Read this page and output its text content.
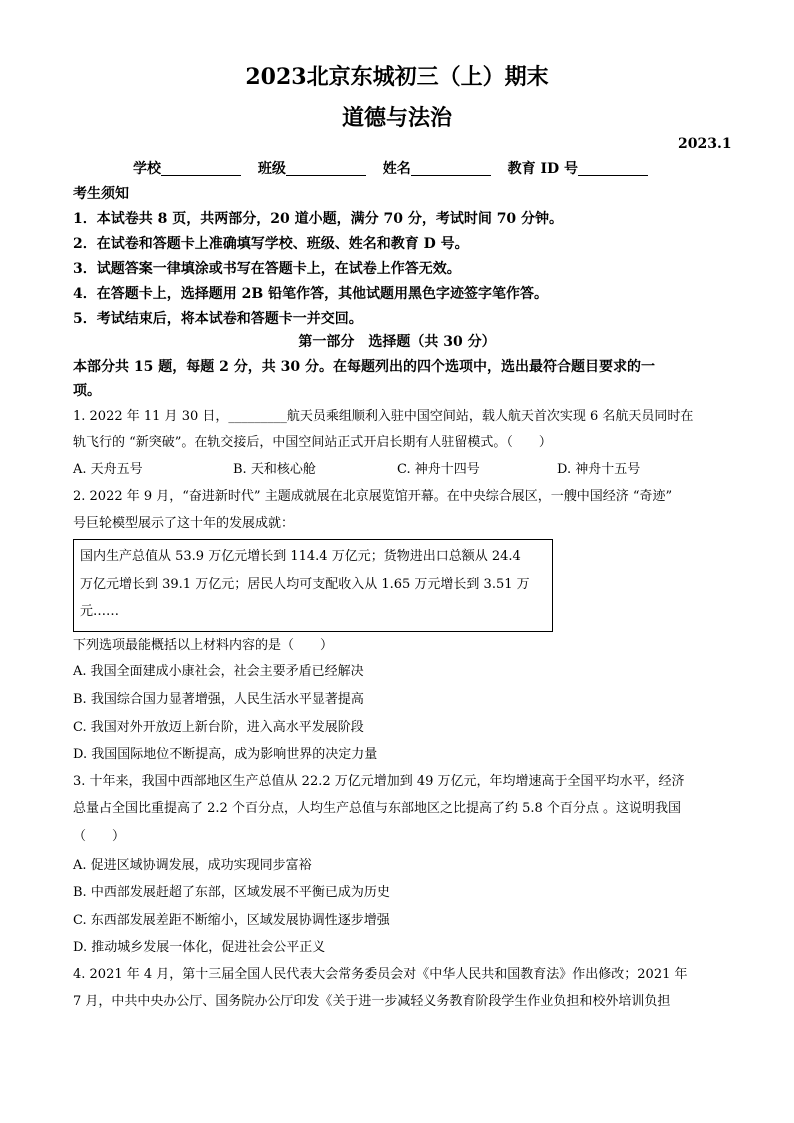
2023北京东城初三（上）期末
道德与法治
2023.1
学校	班级	姓名	教育 ID 号
考生须知
1．本试卷共 8 页，共两部分，20 道小题，满分 70 分，考试时间 70 分钟。
2．在试卷和答题卡上准确填写学校、班级、姓名和教育 D 号。
3．试题答案一律填涂或书写在答题卡上，在试卷上作答无效。
4．在答题卡上，选择题用 2B 铅笔作答，其他试题用黑色字迹签字笔作答。
5．考试结束后，将本试卷和答题卡一并交回。
第一部分　选择题（共 30 分）
本部分共 15 题，每题 2 分，共 30 分。在每题列出的四个选项中，选出最符合题目要求的一
项。
1. 2022 年 11 月 30 日，_________航天员乘组顺利入驻中国空间站，载人航天首次实现 6 名航天员同时在
轨飞行的 “新突破”。在轨交接后，中国空间站正式开启长期有人驻留模式。（　　）
A. 天舟五号	B. 天和核心舱	C. 神舟十四号	D. 神舟十五号
2. 2022 年 9 月，“奋进新时代” 主题成就展在北京展览馆开幕。在中央综合展区，一艘中国经济 “奇迹”
号巨轮模型展示了这十年的发展成就：
国内生产总值从 53.9 万亿元增长到 114.4 万亿元；货物进出口总额从 24.4
万亿元增长到 39.1 万亿元；居民人均可支配收入从 1.65 万元增长到 3.51 万
元……
下列选项最能概括以上材料内容的是（　　）
A. 我国全面建成小康社会，社会主要矛盾已经解决
B. 我国综合国力显著增强，人民生活水平显著提高
C. 我国对外开放迈上新台阶，进入高水平发展阶段
D. 我国国际地位不断提高，成为影响世界的决定力量
3. 十年来，我国中西部地区生产总值从 22.2 万亿元增加到 49 万亿元，年均增速高于全国平均水平，经济
总量占全国比重提高了 2.2 个百分点，人均生产总值与东部地区之比提高了约 5.8 个百分点 。这说明我国
（　　）
A. 促进区域协调发展，成功实现同步富裕
B. 中西部发展赶超了东部，区域发展不平衡已成为历史
C. 东西部发展差距不断缩小，区域发展协调性逐步增强
D. 推动城乡发展一体化，促进社会公平正义
4. 2021 年 4 月，第十三届全国人民代表大会常务委员会对《中华人民共和国教育法》作出修改；2021 年
7 月，中共中央办公厅、国务院办公厅印发《关于进一步减轻义务教育阶段学生作业负担和校外培训负担
